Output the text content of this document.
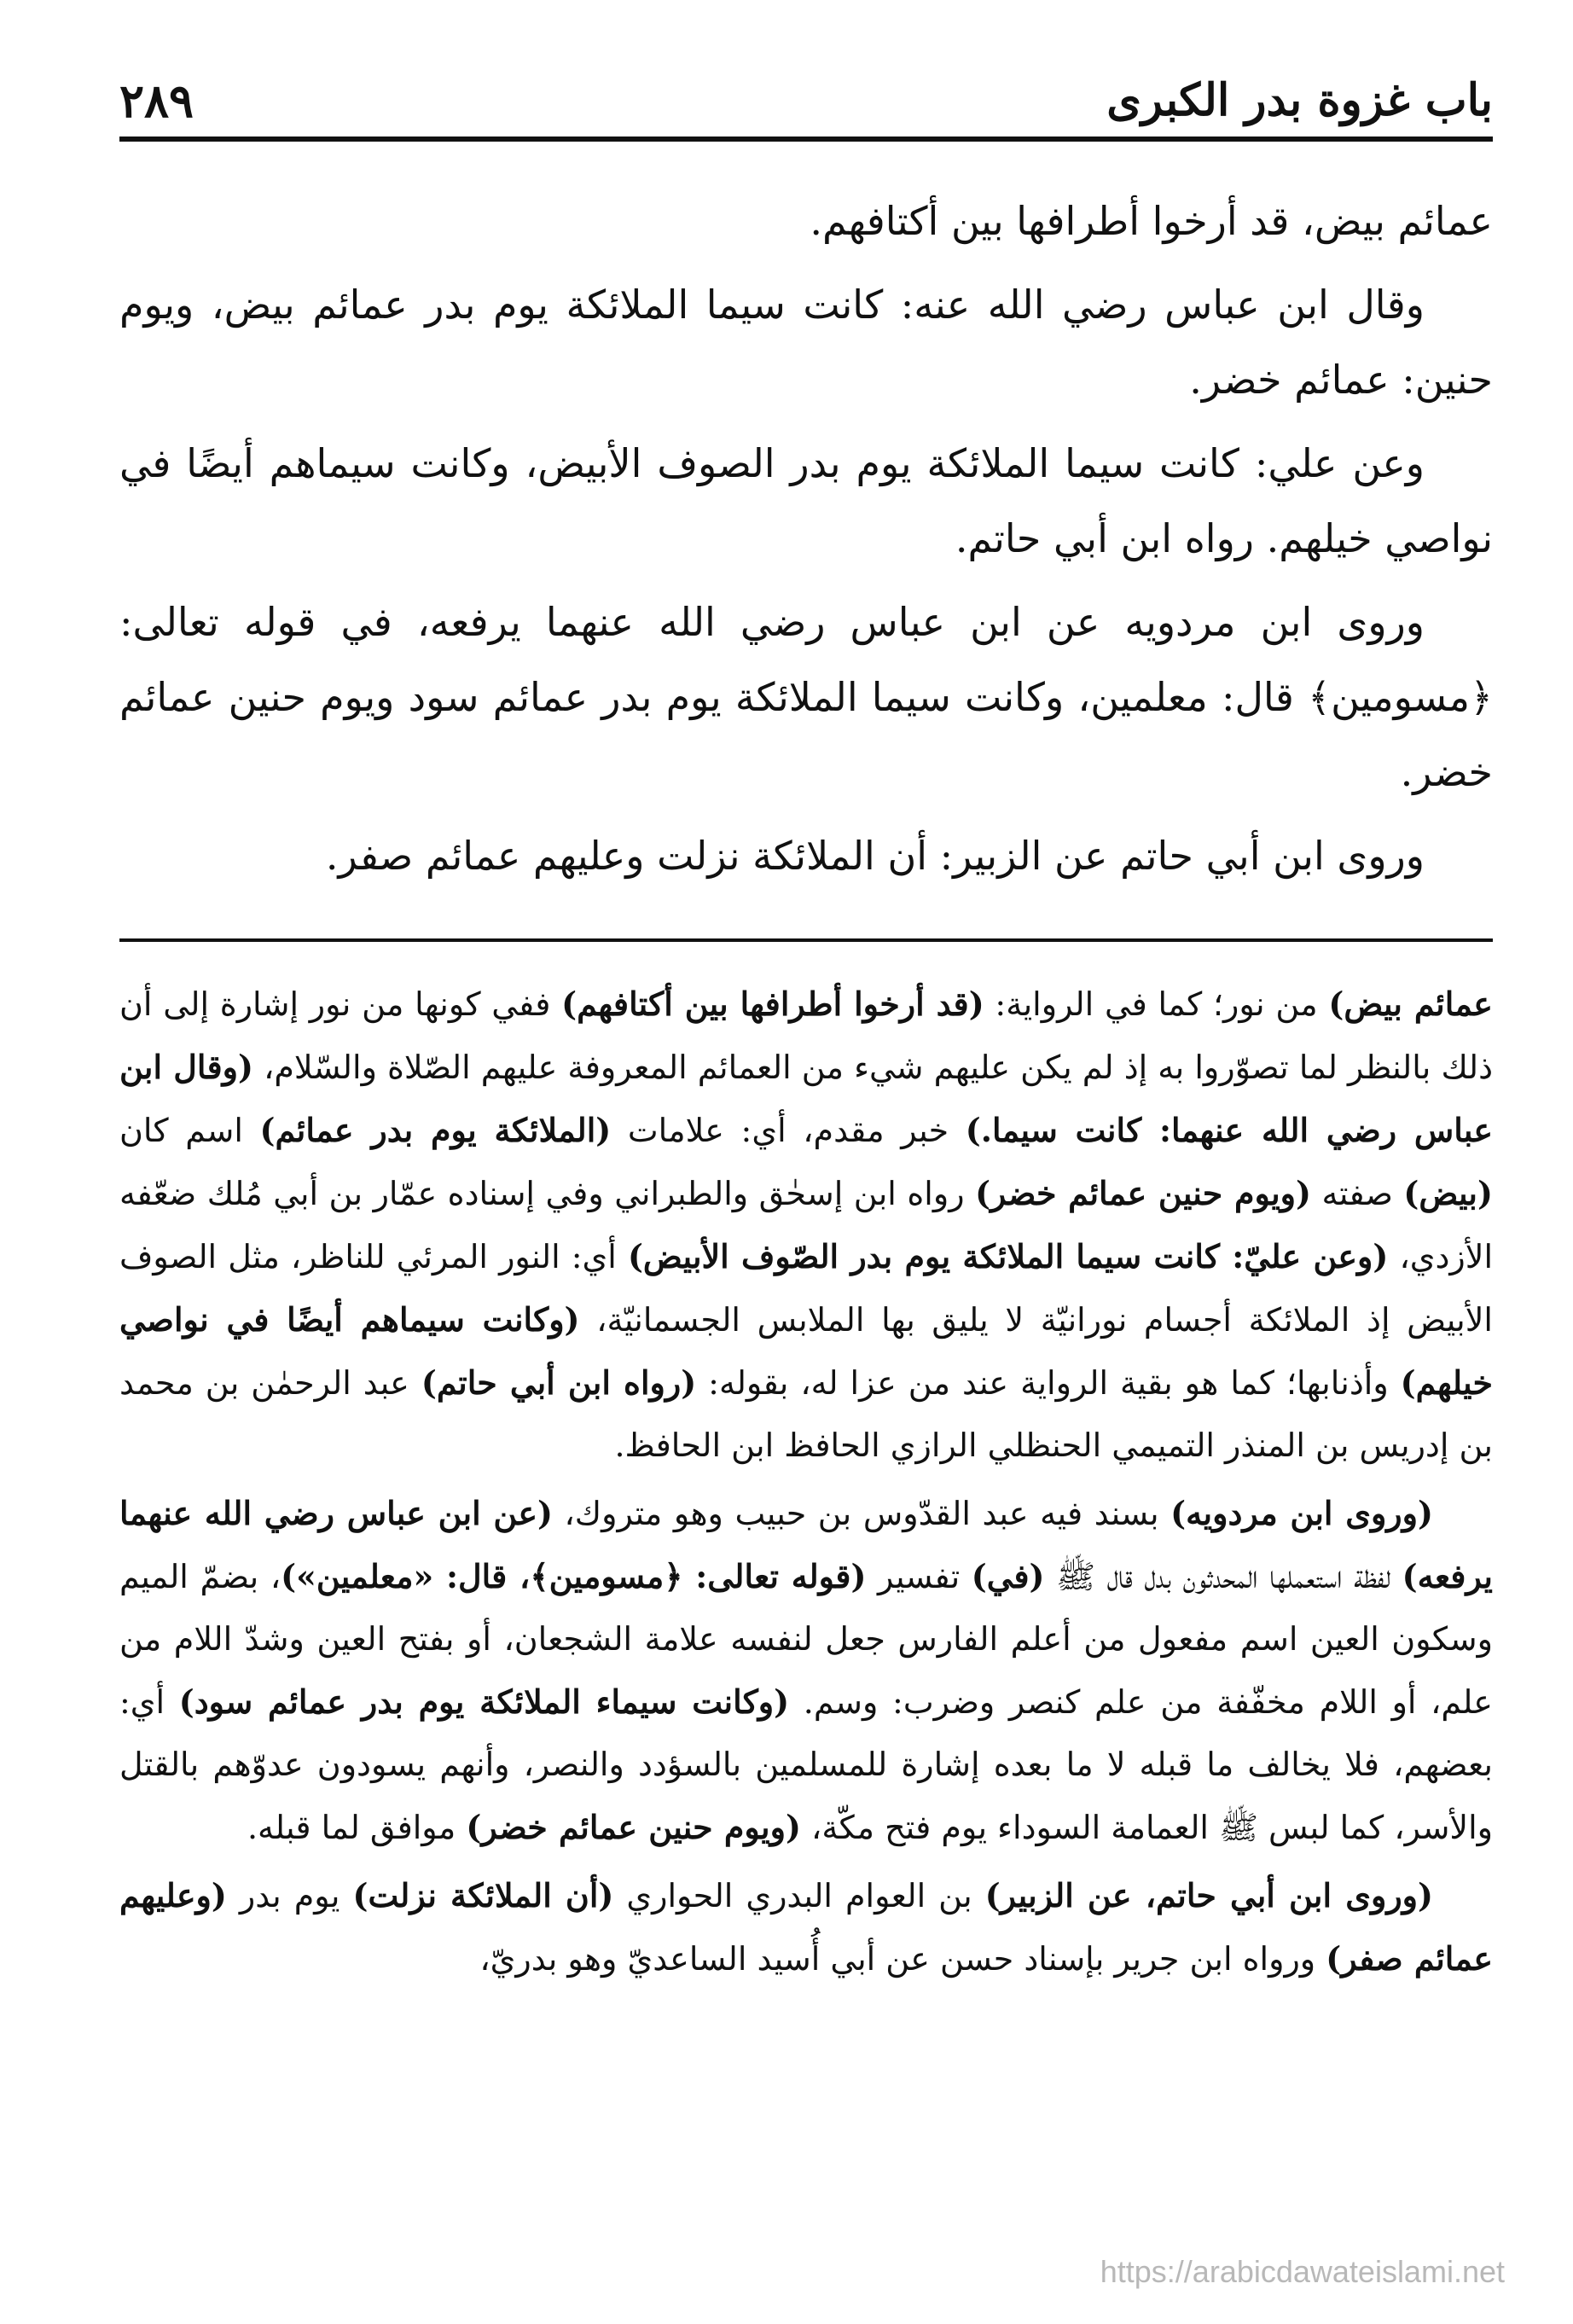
٢٨٩	باب غزوة بدر الكبرى

عمائم بيض، قد أرخوا أطرافها بين أكتافهم.

وقال ابن عباس رضي الله عنه: كانت سيما الملائكة يوم بدر عمائم بيض، ويوم حنين: عمائم خضر.

وعن علي: كانت سيما الملائكة يوم بدر الصوف الأبيض، وكانت سيماهم أيضًا في نواصي خيلهم. رواه ابن أبي حاتم.

وروى ابن مردويه عن ابن عباس رضي الله عنهما يرفعه، في قوله تعالى: ﴿مسومين﴾ قال: معلمين، وكانت سيما الملائكة يوم بدر عمائم سود ويوم حنين عمائم خضر.

وروى ابن أبي حاتم عن الزبير: أن الملائكة نزلت وعليهم عمائم صفر.

عمائم بيض) من نور؛ كما في الرواية: (قد أرخوا أطرافها بين أكتافهم) ففي كونها من نور إشارة إلى أن ذلك بالنظر لما تصوّروا به إذ لم يكن عليهم شيء من العمائم المعروفة عليهم الصّلاة والسّلام، (وقال ابن عباس رضي الله عنهما: كانت سيما.) خبر مقدم، أي: علامات (الملائكة يوم بدر عمائم) اسم كان (بيض) صفته (ويوم حنين عمائم خضر) رواه ابن إسحٰق والطبراني وفي إسناده عمّار بن أبي مُلك ضعّفه الأزدي، (وعن عليّ: كانت سيما الملائكة يوم بدر الصّوف الأبيض) أي: النور المرئي للناظر، مثل الصوف الأبيض إذ الملائكة أجسام نورانيّة لا يليق بها الملابس الجسمانيّة، (وكانت سيماهم أيضًا في نواصي خيلهم) وأذنابها؛ كما هو بقية الرواية عند من عزا له، بقوله: (رواه ابن أبي حاتم) عبد الرحمٰن بن محمد بن إدريس بن المنذر التميمي الحنظلي الرازي الحافظ ابن الحافظ.

(وروى ابن مردويه) بسند فيه عبد القدّوس بن حبيب وهو متروك، (عن ابن عباس رضي الله عنهما يرفعه) لفظة استعملها المحدثون بدل قال ﷺ (في) تفسير (قوله تعالى: ﴿مسومين﴾، قال: «معلمين»)، بضمّ الميم وسكون العين اسم مفعول من أعلم الفارس جعل لنفسه علامة الشجعان، أو بفتح العين وشدّ اللام من علم، أو اللام مخفّفة من علم كنصر وضرب: وسم. (وكانت سيماء الملائكة يوم بدر عمائم سود) أي: بعضهم، فلا يخالف ما قبله لا ما بعده إشارة للمسلمين بالسؤدد والنصر، وأنهم يسودون عدوّهم بالقتل والأسر، كما لبس ﷺ العمامة السوداء يوم فتح مكّة، (ويوم حنين عمائم خضر) موافق لما قبله.

(وروى ابن أبي حاتم، عن الزبير) بن العوام البدري الحواري (أن الملائكة نزلت) يوم بدر (وعليهم عمائم صفر) ورواه ابن جرير بإسناد حسن عن أبي أُسيد الساعديّ وهو بدريّ،

https://arabicdawateislami.net
